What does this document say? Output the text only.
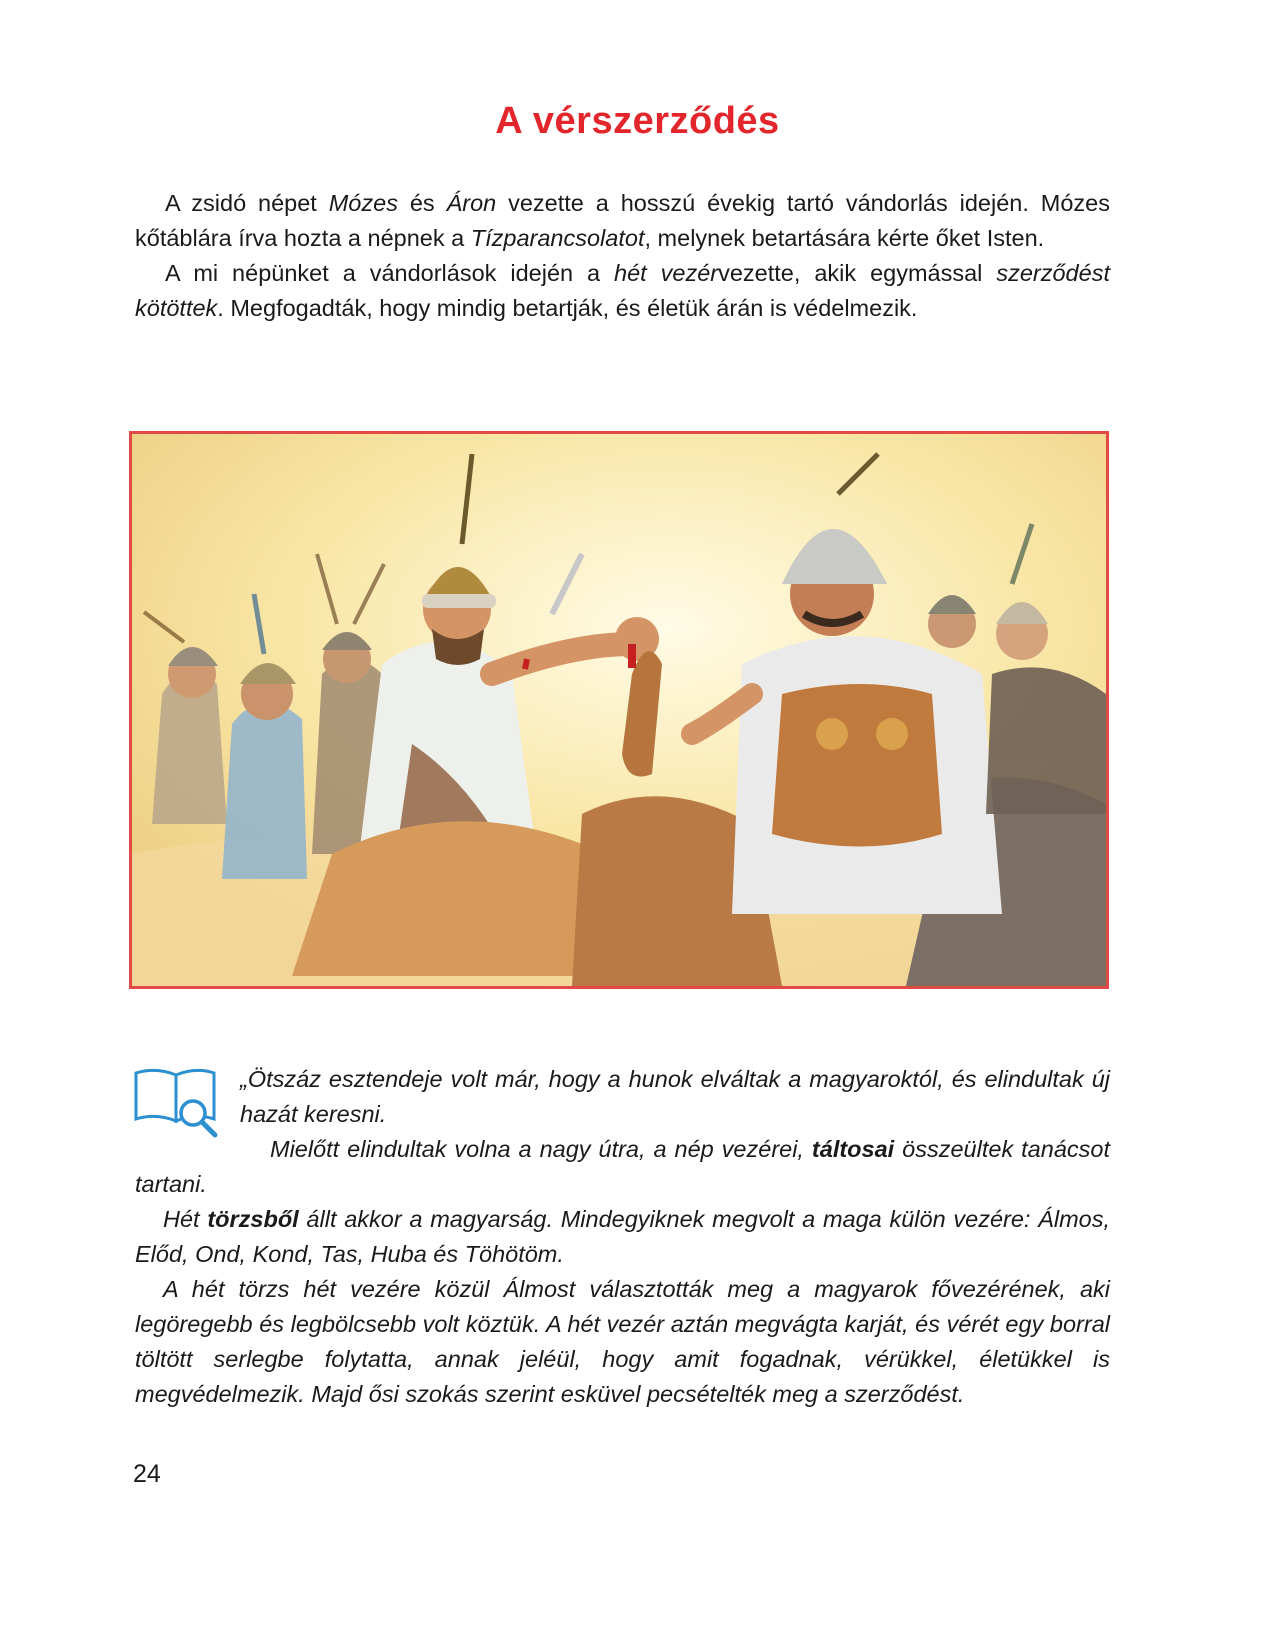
A vérszerződés

A zsidó népet Mózes és Áron vezette a hosszú évekig tartó vándorlás idején. Mózes kőtáblára írva hozta a népnek a Tízparancsolatot, melynek betartására kérte őket Isten.

A mi népünket a vándorlások idején a hét vezérvezette, akik egymással szerződést kötöttek. Megfogadták, hogy mindig betartják, és életük árán is védelmezik.

„Ötszáz esztendeje volt már, hogy a hunok elváltak a magyaroktól, és elindultak új hazát keresni.

Mielőtt elindultak volna a nagy útra, a nép vezérei, táltosai összeültek tanácsot tartani.

Hét törzsből állt akkor a magyarság. Mindegyiknek megvolt a maga külön vezére: Álmos, Előd, Ond, Kond, Tas, Huba és Töhötöm.

A hét törzs hét vezére közül Álmost választották meg a magyarok fővezérének, aki legöregebb és legbölcsebb volt köztük. A hét vezér aztán megvágta karját, és vérét egy borral töltött serlegbe folytatta, annak jeléül, hogy amit fogadnak, vérükkel, életükkel is megvédelmezik. Majd ősi szokás szerint esküvel pecsételték meg a szerződést.

24
